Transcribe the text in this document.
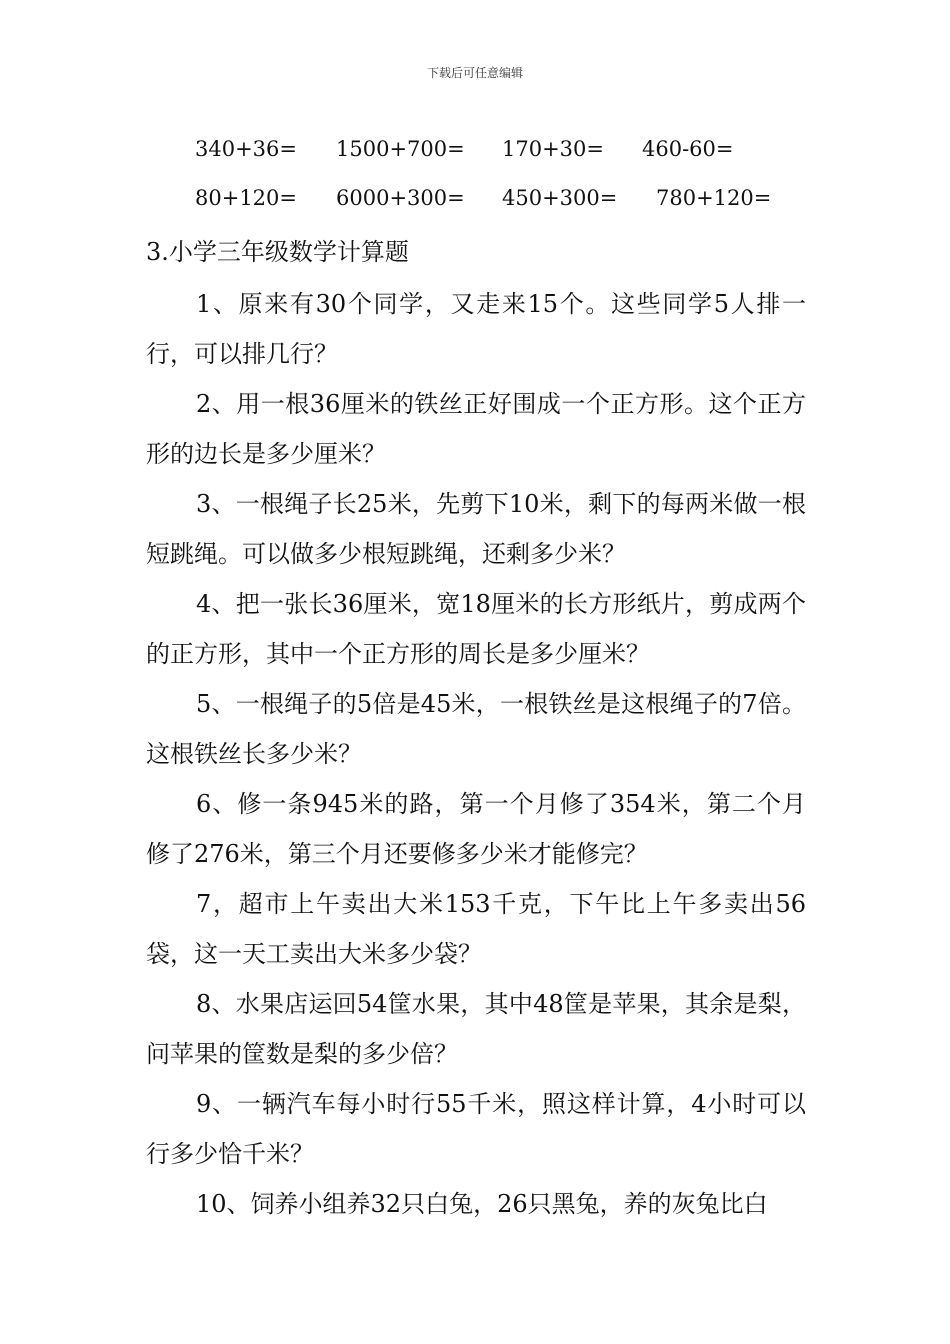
下载后可任意编辑
340+36= 1500+700= 170+30= 460-60=
80+120= 6000+300= 450+300= 780+120=
3.小学三年级数学计算题

1、原来有30个同学，又走来15个。这些同学5人排一行，可以排几行？

2、用一根36厘米的铁丝正好围成一个正方形。这个正方形的边长是多少厘米？

3、一根绳子长25米，先剪下10米，剩下的每两米做一根短跳绳。可以做多少根短跳绳，还剩多少米？

4、把一张长36厘米，宽18厘米的长方形纸片，剪成两个的正方形，其中一个正方形的周长是多少厘米？

5、一根绳子的5倍是45米，一根铁丝是这根绳子的7倍。这根铁丝长多少米？

6、修一条945米的路，第一个月修了354米，第二个月修了276米，第三个月还要修多少米才能修完？

7，超市上午卖出大米153千克，下午比上午多卖出56袋，这一天工卖出大米多少袋？

8、水果店运回54筐水果，其中48筐是苹果，其余是梨，问苹果的筐数是梨的多少倍？

9、一辆汽车每小时行55千米，照这样计算，4小时可以行多少恰千米？

10、饲养小组养32只白兔，26只黑兔，养的灰兔比白
